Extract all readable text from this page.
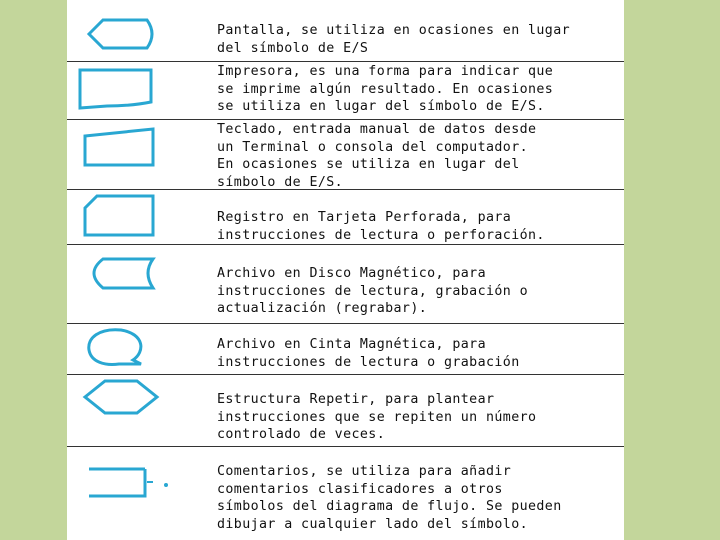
Pantalla, se utiliza en ocasiones en lugar
del símbolo de E/S
Impresora, es una forma para indicar que
se imprime algún resultado. En ocasiones
se utiliza en lugar del símbolo de E/S.
Teclado, entrada manual de datos desde
un Terminal o consola del computador.
En ocasiones se utiliza en lugar del
símbolo de E/S.
Registro en Tarjeta Perforada, para
instrucciones de lectura o perforación.
Archivo en Disco Magnético, para
instrucciones de lectura, grabación o
actualización (regrabar).
Archivo en Cinta Magnética, para
instrucciones de lectura o grabación
Estructura Repetir, para plantear
instrucciones que se repiten un número
controlado de veces.
Comentarios, se utiliza para añadir
comentarios clasificadores a otros
símbolos del diagrama de flujo. Se pueden
dibujar a cualquier lado del símbolo.
